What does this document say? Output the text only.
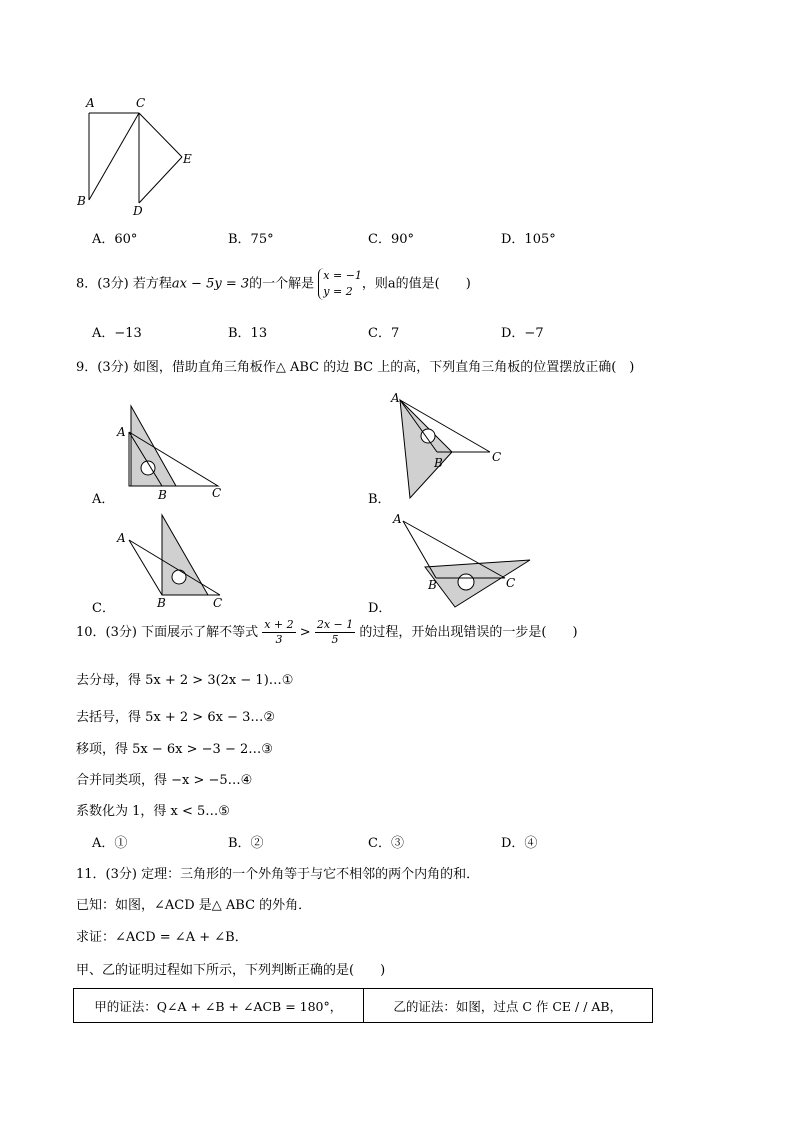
A	C
E
B
D
A．60°	B．75°	C．90°	D．105°
8．(3分) 若方程ax − 5y = 3的一个解是
x = −1
y = 2 ，则a的值是(　　)
A．−13	B．13	C．7	D．−7
9．(3分) 如图，借助直角三角板作△ ABC 的边 BC 上的高，下列直角三角板的位置摆放正确(　)
A
B	C
A
B	C
A
B	C
A
B	C
A．	B．
C．	D．
10．(3分) 下面展示了解不等式 $\frac{x + 2}{3} > \frac{2x - 1}{5}$ 的过程，开始出现错误的一步是(　　)
去分母，得 5x + 2 > 3(2x − 1)…①
去括号，得 5x + 2 > 6x − 3…②
移项，得 5x − 6x > −3 − 2…③
合并同类项，得 −x > −5…④
系数化为 1，得 x < 5…⑤
A．①	B．②	C．③	D．④
11．(3分) 定理：三角形的一个外角等于与它不相邻的两个内角的和．
已知：如图，∠ACD 是△ ABC 的外角．
求证：∠ACD = ∠A + ∠B．
甲、乙的证明过程如下所示，下列判断正确的是(　　)
甲的证法：Q∠A + ∠B + ∠ACB = 180°，	乙的证法：如图，过点 C 作 CE / / AB，
